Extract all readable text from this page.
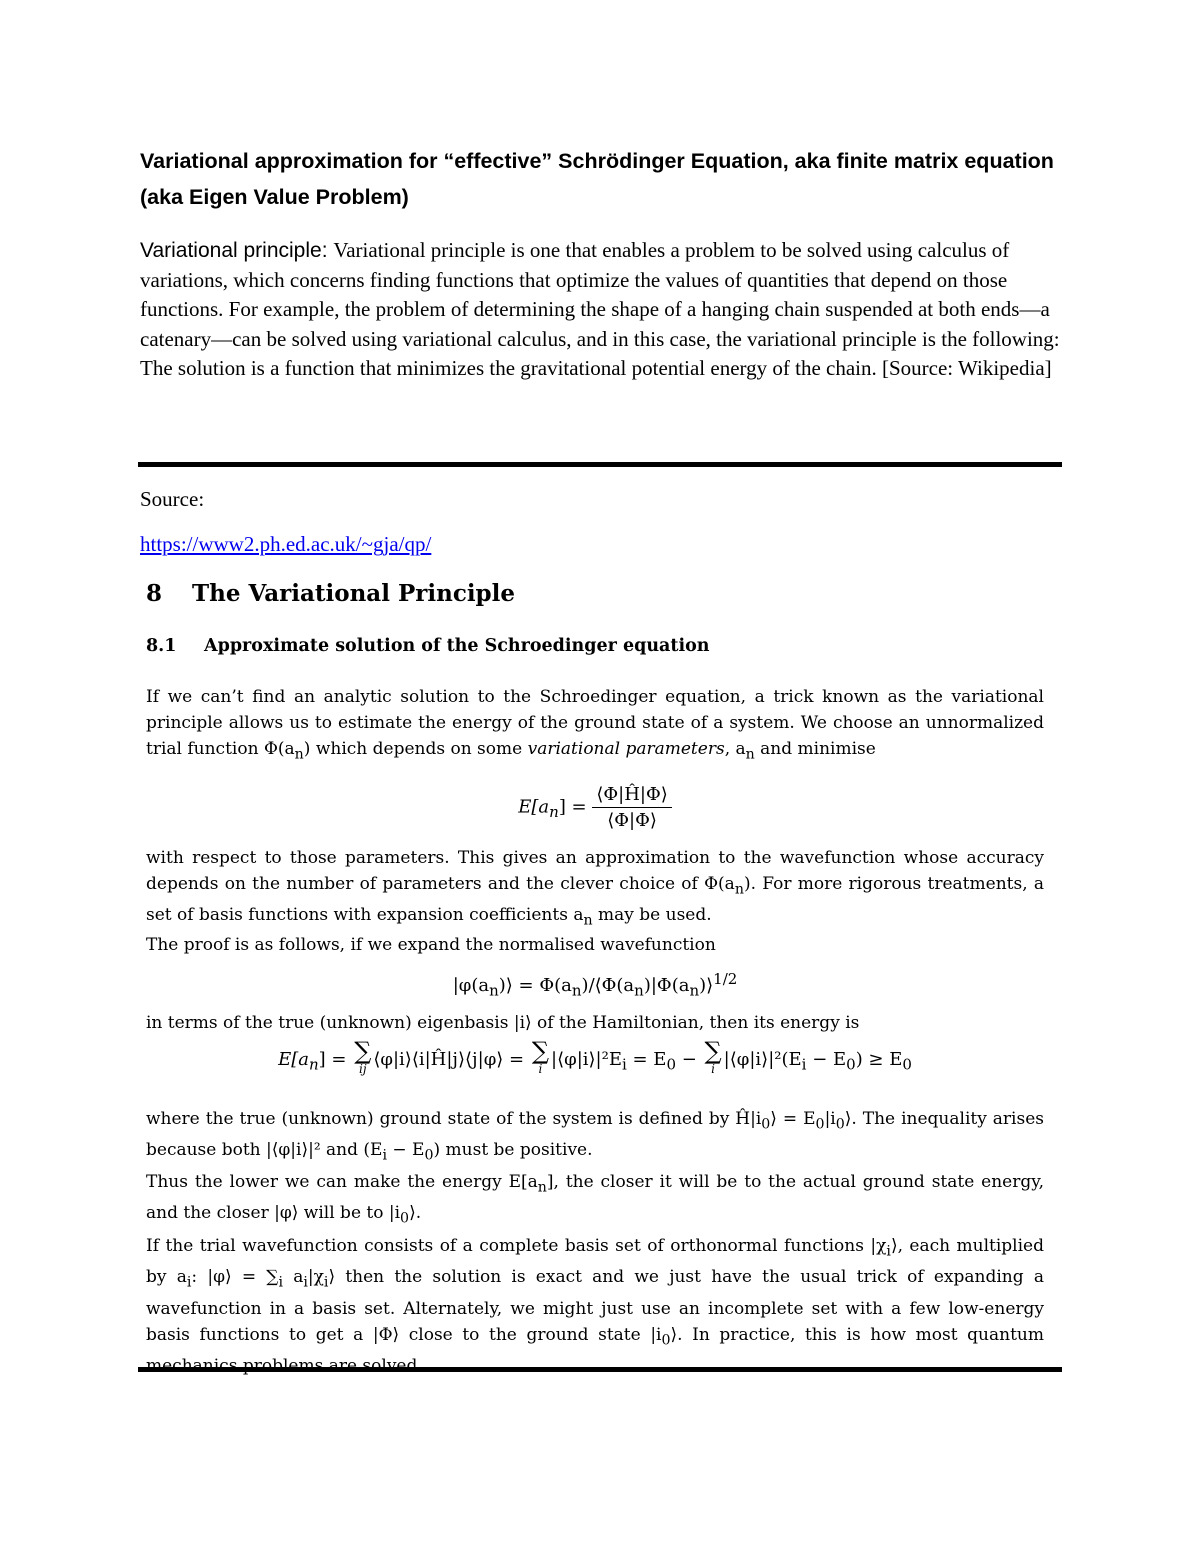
Variational approximation for “effective” Schrödinger Equation, aka finite matrix equation (aka Eigen Value Problem)
Variational principle: Variational principle is one that enables a problem to be solved using calculus of variations, which concerns finding functions that optimize the values of quantities that depend on those functions. For example, the problem of determining the shape of a hanging chain suspended at both ends—a catenary—can be solved using variational calculus, and in this case, the variational principle is the following: The solution is a function that minimizes the gravitational potential energy of the chain. [Source: Wikipedia]
Source:
https://www2.ph.ed.ac.uk/~gja/qp/
8 The Variational Principle
8.1 Approximate solution of the Schroedinger equation
If we can’t find an analytic solution to the Schroedinger equation, a trick known as the variational principle allows us to estimate the energy of the ground state of a system. We choose an unnormalized trial function $\Phi(a_n)$ which depends on some variational parameters, $a_n$ and minimise
$E[a_n] = \frac{⟨\Phi|Ĥ|\Phi⟩}{⟨\Phi|\Phi⟩}$
with respect to those parameters. This gives an approximation to the wavefunction whose accuracy depends on the number of parameters and the clever choice of $\Phi(a_n)$. For more rigorous treatments, a set of basis functions with expansion coefficients $a_n$ may be used.
The proof is as follows, if we expand the normalised wavefunction
$|\varphi(a_n)⟩$ = $\Phi(a_n)/⟨\Phi(a_n)|\Phi(a_n)⟩^{1/2}$
in terms of the true (unknown) eigenbasis |i⟩ of the Hamiltonian, then its energy is
$E[a_n]$ = ∑
ij ⟨φ|i⟩⟨i|Ĥ|j⟩⟨j|φ⟩ = ∑
i $|⟨\varphi|i⟩|^2E_i = E_0$ − ∑
i $|⟨\varphi|i⟩|^2(E_i - E_0) \ge E_0$
where the true (unknown) ground state of the system is defined by $Ĥ|i_0⟩$ = $E_0|i_0⟩$. The inequality arises because both |⟨φ|i⟩|² and $(E_i - E_0)$ must be positive.
Thus the lower we can make the energy $E[a_n]$, the closer it will be to the actual ground state energy, and the closer |φ⟩ will be to $|i_0⟩$.
If the trial wavefunction consists of a complete basis set of orthonormal functions $|\chi_i⟩$, each multiplied by $a_i$: |φ⟩ = $\sum_i$ $a_i|\chi_i⟩$ then the solution is exact and we just have the usual trick of expanding a wavefunction in a basis set. Alternately, we might just use an incomplete set with a few low-energy basis functions to get a |Φ⟩ close to the ground state $|i_0⟩$. In practice, this is how most quantum
